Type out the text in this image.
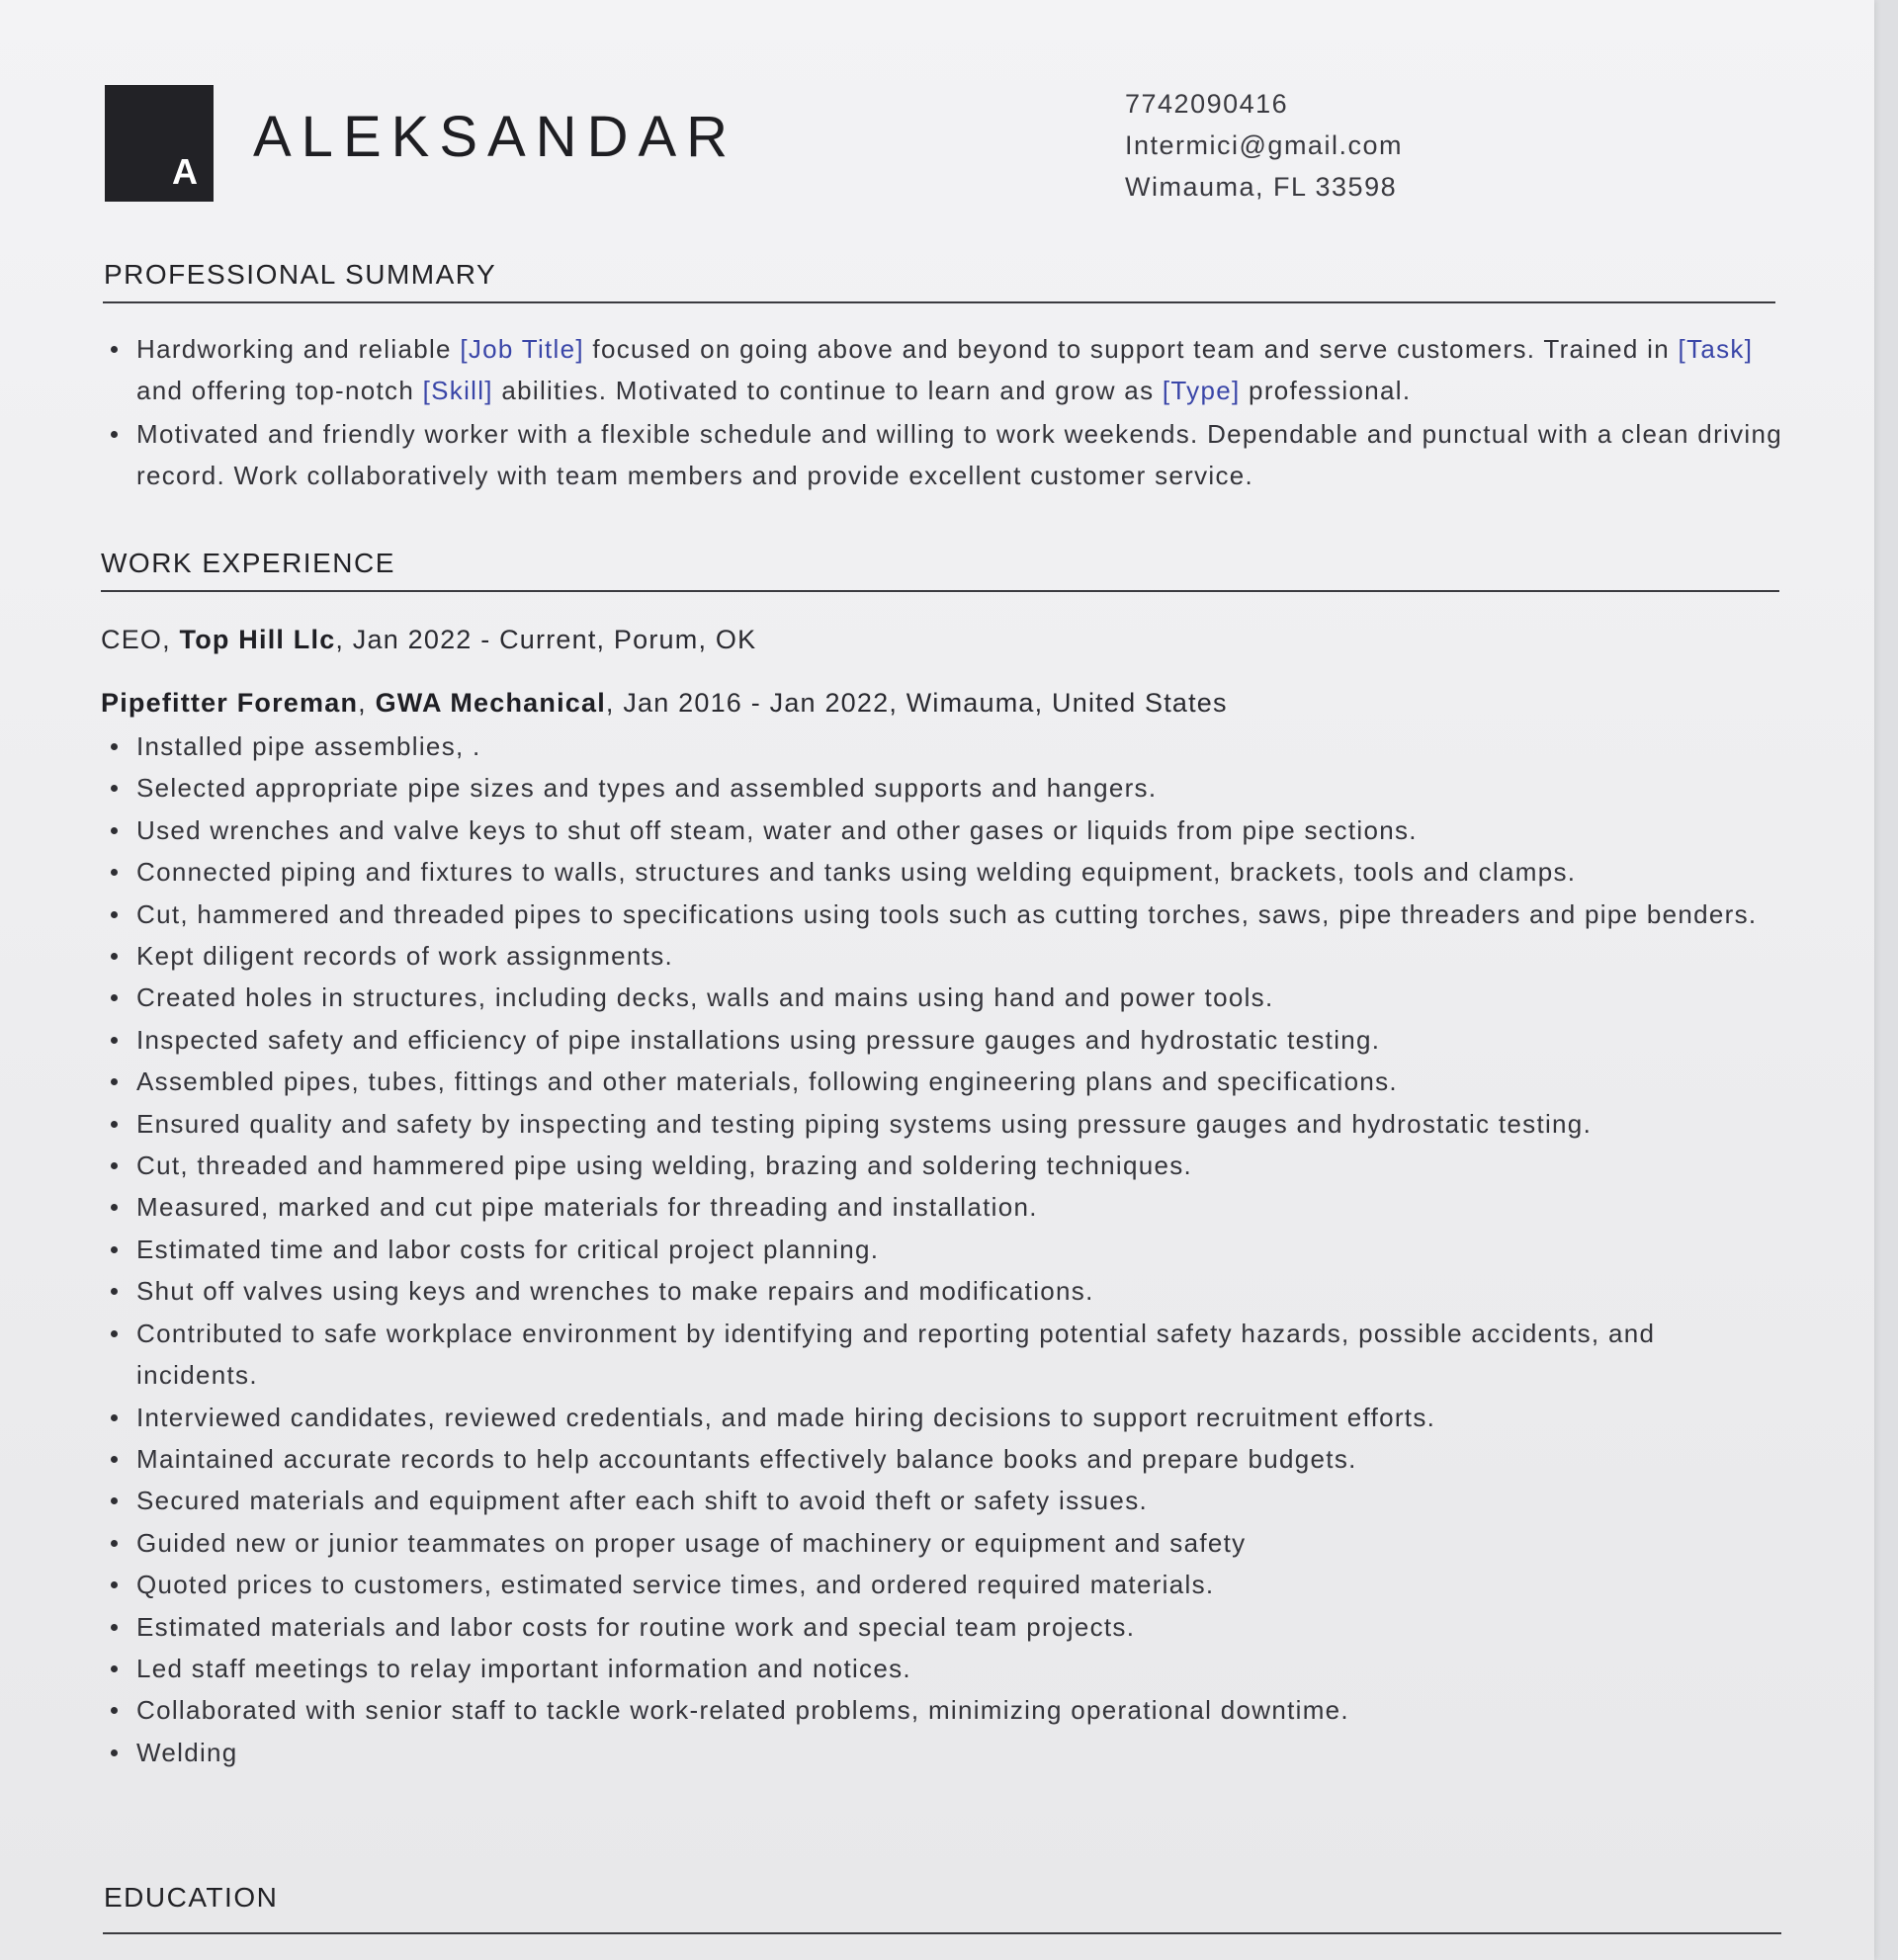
A
ALEKSANDAR
7742090416
Intermici@gmail.com
Wimauma, FL 33598
PROFESSIONAL SUMMARY
Hardworking and reliable [Job Title] focused on going above and beyond to support team and serve customers. Trained in [Task] and offering top-notch [Skill] abilities. Motivated to continue to learn and grow as [Type] professional.
Motivated and friendly worker with a flexible schedule and willing to work weekends. Dependable and punctual with a clean driving record. Work collaboratively with team members and provide excellent customer service.
WORK EXPERIENCE
CEO, Top Hill Llc, Jan 2022 - Current, Porum, OK
Pipefitter Foreman, GWA Mechanical, Jan 2016 - Jan 2022, Wimauma, United States
Installed pipe assemblies, .
Selected appropriate pipe sizes and types and assembled supports and hangers.
Used wrenches and valve keys to shut off steam, water and other gases or liquids from pipe sections.
Connected piping and fixtures to walls, structures and tanks using welding equipment, brackets, tools and clamps.
Cut, hammered and threaded pipes to specifications using tools such as cutting torches, saws, pipe threaders and pipe benders.
Kept diligent records of work assignments.
Created holes in structures, including decks, walls and mains using hand and power tools.
Inspected safety and efficiency of pipe installations using pressure gauges and hydrostatic testing.
Assembled pipes, tubes, fittings and other materials, following engineering plans and specifications.
Ensured quality and safety by inspecting and testing piping systems using pressure gauges and hydrostatic testing.
Cut, threaded and hammered pipe using welding, brazing and soldering techniques.
Measured, marked and cut pipe materials for threading and installation.
Estimated time and labor costs for critical project planning.
Shut off valves using keys and wrenches to make repairs and modifications.
Contributed to safe workplace environment by identifying and reporting potential safety hazards, possible accidents, and incidents.
Interviewed candidates, reviewed credentials, and made hiring decisions to support recruitment efforts.
Maintained accurate records to help accountants effectively balance books and prepare budgets.
Secured materials and equipment after each shift to avoid theft or safety issues.
Guided new or junior teammates on proper usage of machinery or equipment and safety
Quoted prices to customers, estimated service times, and ordered required materials.
Estimated materials and labor costs for routine work and special team projects.
Led staff meetings to relay important information and notices.
Collaborated with senior staff to tackle work-related problems, minimizing operational downtime.
Welding
EDUCATION
